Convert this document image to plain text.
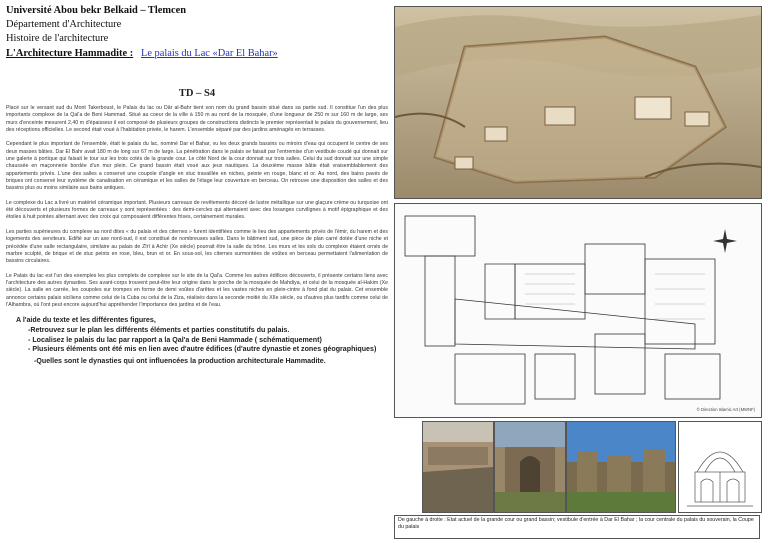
Université Abou bekr Belkaid – Tlemcen
Département d'Architecture
Histoire de l'architecture
L'Architecture Hammadite : Le palais du Lac «Dar El Bahar»
TD – S4

Placé sur le versant sud du Mont Takerboust, le Palais du lac ou Dâr al-Bahr tient son nom du grand bassin situé dans sa partie sud. Il constitue l'un des plus importants complexe de la Qal'a de Beni Hammad. Situé au coeur de la ville à 150 m au nord de la mosquée, d'une longueur de 250 m sur 160 m de large, ses murs d'enceinte mesurent 2,40 m d'épaisseur il est composé de plusieurs groupes de constructions distincts le premier représentait le palais du gouvernement, lieu des réceptions officielles. Le second était voué à l'habitation privée, le harem. L'ensemble séparé par des jardins aménagés en terrasses.

Cependant le plus important de l'ensemble, était le palais du lac, nommé Dar el Bahar, vu les deux grands bassins ou miroirs d'eau qui occupent le centre de ses deux masses bâties. Dar El Bahr avait 180 m de long sur 67 m de large. La pénétration dans le palais se faisait par l'entremise d'un vestibule coudé qui donnait sur une galerie à portique qui faisait le tour sur les trois cotés de la grande cour. Le côté Nord de la cour donnait sur trois salles. Celui du sud donnait sur une simple chaussée en maçonnerie bordée d'un mur plein. Ce grand bassin était voué aux jeux nautiques. La deuxième masse bâtie était vraisemblablement des appartements privés. L'une des salles a conservé une coupole d'angle en stuc travaillée en niches, peinte en rouge, blanc et or. Au nord, des bains pavés de briques ont conservé leur système de canalisation en céramique et les salles de l'étage leur couverture en berceau. On retrouve une disposition des salles et des bassins plus ou moins similaire aux bains antiques.

Le complexe du Lac a livré un matériel céramique important. Plusieurs carreaux de revêtements décoré de lustre métallique sur une glaçure crème ou turquoise ont été découverts et plusieurs formes de carreaux y sont représentées : des demi-cercles qui alternaient avec des losanges curvilignes à motif épigraphique et des étoiles à huit pointes alternant avec des croix qui composaient différentes frises, certainement murales.

Les parties supérieures du complexe au nord dites « du palais et des citernes » furent identifiées comme le lieu des appartements privés de l'émir, du harem et des logements des serviteurs. Edifié sur un axe nord-sud, il est constitué de nombreuses salles. Dans le bâtiment sud, une pièce de plan carré dotée d'une niche et précédée d'une salle rectangulaire, similaire au palais de Zîrî à Achir (Xe siècle) pourrait être la salle du trône. Les murs et les sols du complexe étaient ornés de marbre sculpté, de brique et de stuc peints en rose, bleu, brun et or. En sous-sol, les citernes surmontées de voûtes en berceau permettaient l'alimentation de bassins circulaires.

Le Palais du lac est l'un des exemples les plus complets de complexe sur le site de la Qal'a. Comme les autres édifices découverts, il présente certains liens avec l'architecture des autres dynasties. Ses avant-corps trouvent peut-être leur origine dans le porche de la mosquée de Mahdiya, et celui de la mosquée al-Hakim (Xe siècle). La salle en carrée, les coupoles sur trompes en forme de demi voûtes d'arêtes et les vastes niches en plein-cintre à fond plat du palais. Cet ensemble annonce certains palais siciliens comme celui de la Cuba ou celui de la Ziza, réalisés dans la seconde moitié du XIIe siècle, ou d'autres plus tardifs comme celui de l'Alhambra, où l'ont peut encore aujourd'hui appréhender l'importance des jardins et de l'eau.

A l'aide du texte et les différentes figures,

-Retrouvez sur le plan les différents éléments et parties constitutifs du palais.

- Localisez le palais du lac par rapport a la Qal'a de Beni Hammade ( schématiquement)

- Plusieurs éléments ont été mis en lien avec d'autre édifices (d'autre dynastie et zones géographiques)

-Quelles sont le dynasties qui ont influencées la production architecturale Hammadite.

© Direction Islamic Art (MWNF)
De gauche à droite : Etat actuel de la grande cour ou grand bassin; vestibule d'entrée à Dar El Bahar ; la cour centrale du palais du souverain, la Coupe du palais
